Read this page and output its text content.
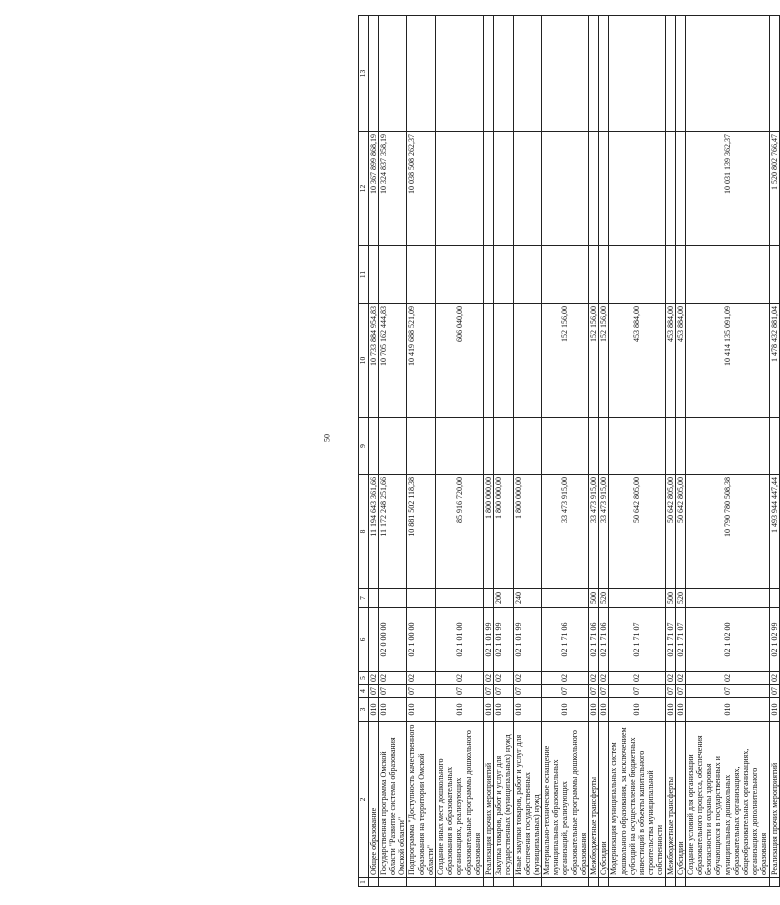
50
1	2	3	4	5	6	7	8	9	10	11	12	13
	Общее образование	010	07	02			11 194 643 361,66		10 733 884 954,83		10 367 899 868,19	
	Государственная программа Омской области "Развитие системы образования Омской области"	010	07	02	02 0 00 00		11 172 248 251,66		10 705 162 444,83		10 324 837 358,19	
	Подпрограмма "Доступность качественного образования на территории Омской области"	010	07	02	02 1 00 00		10 881 502 118,38		10 419 688 521,09		10 038 508 262,37	
	Создание иных мест дошкольного образования в образовательных организациях, реализующих образовательные программы дошкольного образования	010	07	02	02 1 01 00		85 916 720,00		606 040,00			
	Реализация прочих мероприятий	010	07	02	02 1 01 99		1 800 000,00					
	Закупка товаров, работ и услуг для государственных (муниципальных) нужд	010	07	02	02 1 01 99	200	1 800 000,00					
	Иные закупки товаров, работ и услуг для обеспечения государственных (муниципальных) нужд	010	07	02	02 1 01 99	240	1 800 000,00					
	Материально-техническое оснащение муниципальных образовательных организаций, реализующих образовательные программы дошкольного образования	010	07	02	02 1 71 06		33 473 915,00		152 156,00			
	Межбюджетные трансферты	010	07	02	02 1 71 06	500	33 473 915,00		152 156,00			
	Субсидии	010	07	02	02 1 71 06	520	33 473 915,00		152 156,00			
	Модернизация муниципальных систем дошкольного образования, за исключением субсидий на осуществление бюджетных инвестиций в объекты капитального строительства муниципальной собственности	010	07	02	02 1 71 07		50 642 805,00		453 884,00			
	Межбюджетные трансферты	010	07	02	02 1 71 07	500	50 642 805,00		453 884,00			
	Субсидии	010	07	02	02 1 71 07	520	50 642 805,00		453 884,00			
	Создание условий для организации образовательного процесса, обеспечения безопасности и охраны здоровья обучающихся в государственных и муниципальных дошкольных образовательных организациях, общеобразовательных организациях, организациях дополнительного образования	010	07	02	02 1 02 00		10 790 780 508,38		10 414 135 091,09		10 031 139 362,37	
	Реализация прочих мероприятий	010	07	02	02 1 02 99		1 493 944 447,44		1 478 432 881,04		1 520 802 766,47	
